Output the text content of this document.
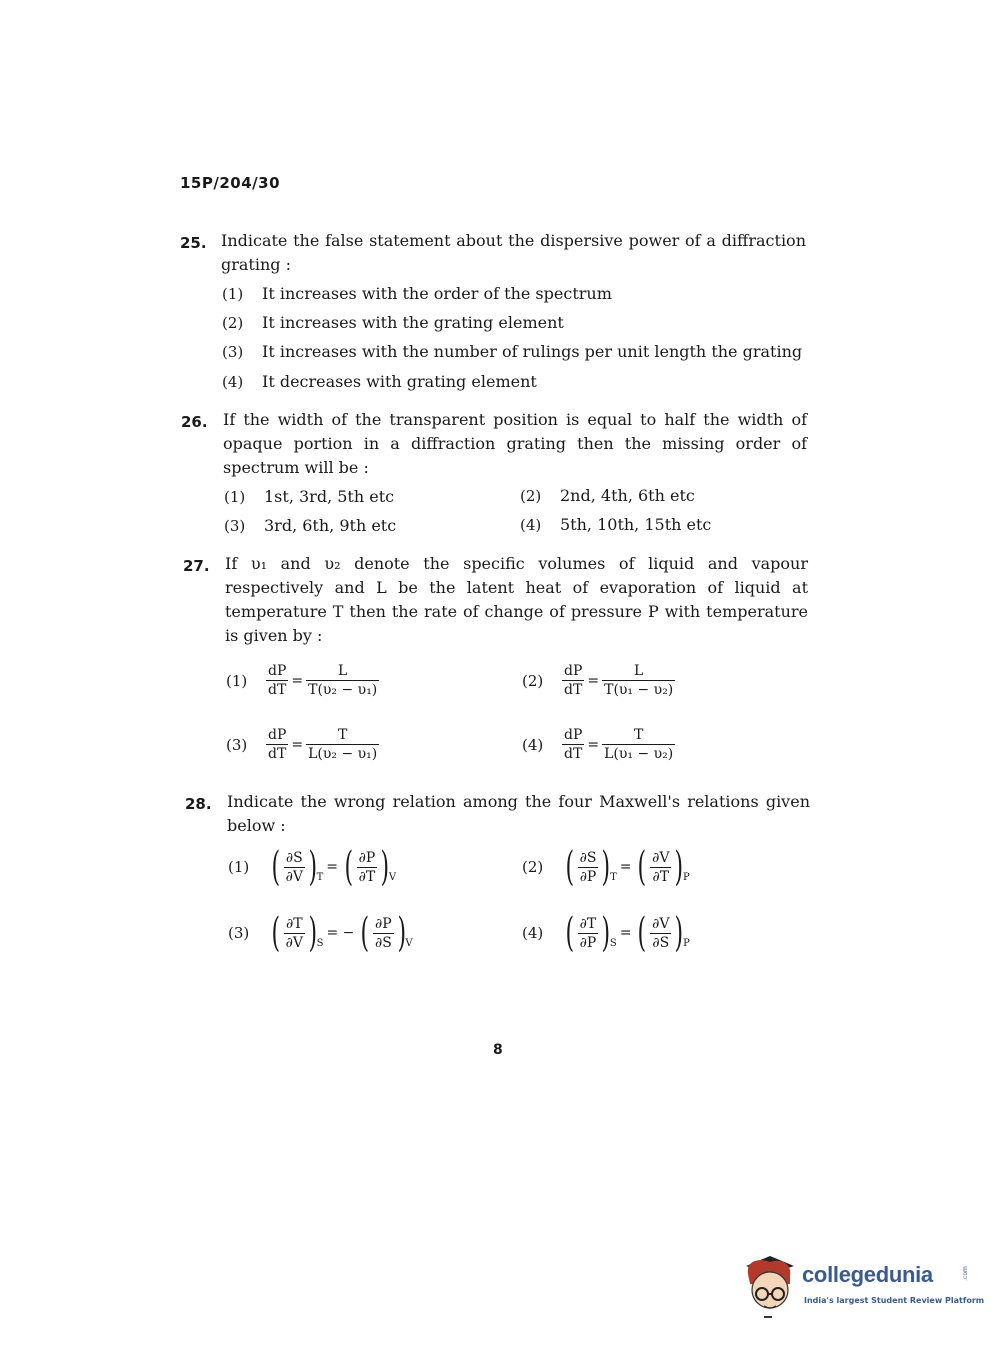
15P/204/30
25. Indicate the false statement about the dispersive power of a diffraction grating :
(1) It increases with the order of the spectrum
(2) It increases with the grating element
(3) It increases with the number of rulings per unit length the grating
(4) It decreases with grating element
26. If the width of the transparent position is equal to half the width of opaque portion in a diffraction grating then the missing order of spectrum will be :
(1) 1st, 3rd, 5th etc	(2) 2nd, 4th, 6th etc
(3) 3rd, 6th, 9th etc	(4) 5th, 10th, 15th etc
27. If υ₁ and υ₂ denote the specific volumes of liquid and vapour respectively and L be the latent heat of evaporation of liquid at temperature T then the rate of change of pressure P with temperature is given by :
(1)	$\frac{dP}{dT} = \frac{L}{\text{T(υ₂ − υ₁)}}$	(2)	$\frac{dP}{dT} = \frac{L}{\text{T(υ₁ − υ₂)}}$
(3)	$\frac{dP}{dT} = \frac{T}{\text{L(υ₂ − υ₁)}}$	(4)	$\frac{dP}{dT} = \frac{T}{\text{L(υ₁ − υ₂)}}$
28. Indicate the wrong relation among the four Maxwell's relations given below :
(1) ( $\frac{\partial S}{\partial V}$ ) T
= ( $\frac{\partial P}{\partial T}$ ) V
(2) ( $\frac{\partial S}{\partial P}$ ) T
= ( $\frac{\partial V}{\partial T}$ ) P
(3) ( $\frac{\partial T}{\partial V}$ ) S
= − ( $\frac{\partial P}{\partial S}$ ) V
(4) ( $\frac{\partial T}{\partial P}$ ) S
= ( $\frac{\partial V}{\partial S}$ ) P
8
collegedunia
India's largest Student Review Platform
.com
